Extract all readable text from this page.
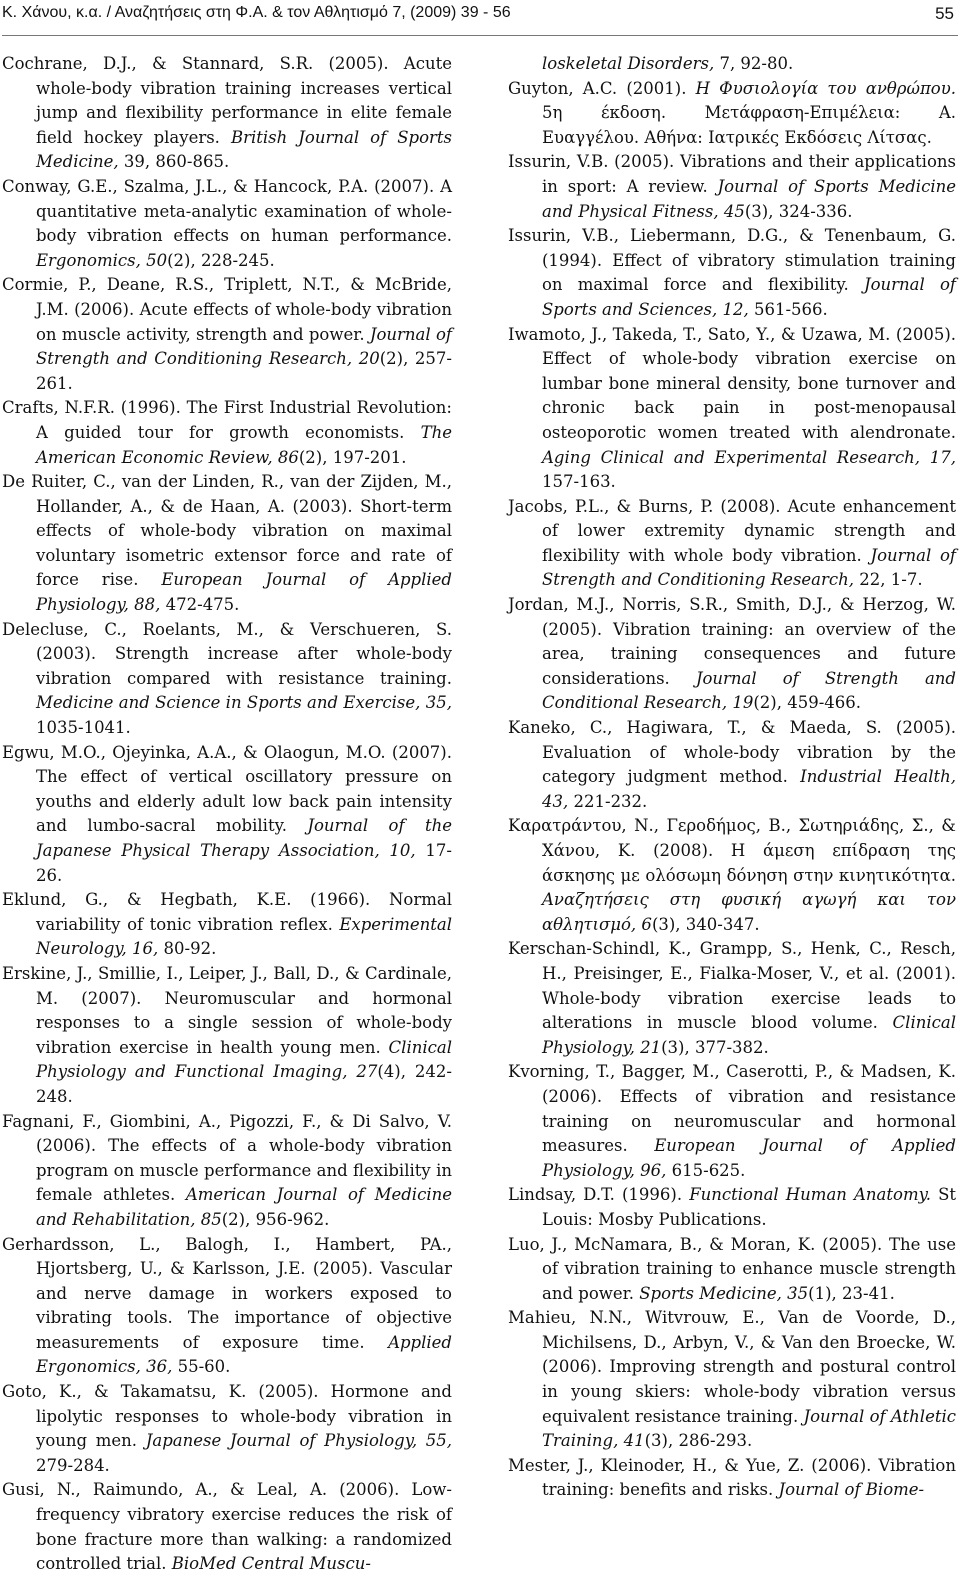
Κ. Χάνου, κ.α. / Αναζητήσεις στη Φ.Α. & τον Αθλητισμό 7, (2009) 39 - 56	55

Cochrane, D.J., & Stannard, S.R. (2005). Acute whole-body vibration training increases vertical jump and flexibility performance in elite female field hockey players. British Journal of Sports Medicine, 39, 860-865.

Conway, G.E., Szalma, J.L., & Hancock, P.A. (2007). A quantitative meta-analytic examination of whole-body vibration effects on human performance. Ergonomics, 50(2), 228-245.

Cormie, P., Deane, R.S., Triplett, N.T., & McBride, J.M. (2006). Acute effects of whole-body vibration on muscle activity, strength and power. Journal of Strength and Conditioning Research, 20(2), 257-261.

Crafts, N.F.R. (1996). The First Industrial Revolution: A guided tour for growth economists. The American Economic Review, 86(2), 197-201.

De Ruiter, C., van der Linden, R., van der Zijden, M., Hollander, A., & de Haan, A. (2003). Short-term effects of whole-body vibration on maximal voluntary isometric extensor force and rate of force rise. European Journal of Applied Physiology, 88, 472-475.

Delecluse, C., Roelants, M., & Verschueren, S. (2003). Strength increase after whole-body vibration compared with resistance training. Medicine and Science in Sports and Exercise, 35, 1035-1041.

Egwu, M.O., Ojeyinka, A.A., & Olaogun, M.O. (2007). The effect of vertical oscillatory pressure on youths and elderly adult low back pain intensity and lumbo-sacral mobility. Journal of the Japanese Physical Therapy Association, 10, 17-26.

Eklund, G., & Hegbath, K.E. (1966). Normal variability of tonic vibration reflex. Experimental Neurology, 16, 80-92.

Erskine, J., Smillie, I., Leiper, J., Ball, D., & Cardinale, M. (2007). Neuromuscular and hormonal responses to a single session of whole-body vibration exercise in health young men. Clinical Physiology and Functional Imaging, 27(4), 242-248.

Fagnani, F., Giombini, A., Pigozzi, F., & Di Salvo, V. (2006). The effects of a whole-body vibration program on muscle performance and flexibility in female athletes. American Journal of Medicine and Rehabilitation, 85(2), 956-962.

Gerhardsson, L., Balogh, I., Hambert, PA., Hjortsberg, U., & Karlsson, J.E. (2005). Vascular and nerve damage in workers exposed to vibrating tools. The importance of objective measurements of exposure time. Applied Ergonomics, 36, 55-60.

Goto, K., & Takamatsu, K. (2005). Hormone and lipolytic responses to whole-body vibration in young men. Japanese Journal of Physiology, 55, 279-284.

Gusi, N., Raimundo, A., & Leal, A. (2006). Low-frequency vibratory exercise reduces the risk of bone fracture more than walking: a randomized controlled trial. BioMed Central Muscu-

loskeletal Disorders, 7, 92-80.

Guyton, A.C. (2001). Η Φυσιολογία του ανθρώπου. 5η έκδοση. Μετάφραση-Επιμέλεια: Α. Ευαγγέλου. Αθήνα: Ιατρικές Εκδόσεις Λίτσας.

Issurin, V.B. (2005). Vibrations and their applications in sport: A review. Journal of Sports Medicine and Physical Fitness, 45(3), 324-336.

Issurin, V.B., Liebermann, D.G., & Tenenbaum, G. (1994). Effect of vibratory stimulation training on maximal force and flexibility. Journal of Sports and Sciences, 12, 561-566.

Iwamoto, J., Takeda, T., Sato, Y., & Uzawa, M. (2005). Effect of whole-body vibration exercise on lumbar bone mineral density, bone turnover and chronic back pain in post-menopausal osteoporotic women treated with alendronate. Aging Clinical and Experimental Research, 17, 157-163.

Jacobs, P.L., & Burns, P. (2008). Acute enhancement of lower extremity dynamic strength and flexibility with whole body vibration. Journal of Strength and Conditioning Research, 22, 1-7.

Jordan, M.J., Norris, S.R., Smith, D.J., & Herzog, W. (2005). Vibration training: an overview of the area, training consequences and future considerations. Journal of Strength and Conditional Research, 19(2), 459-466.

Kaneko, C., Hagiwara, T., & Maeda, S. (2005). Evaluation of whole-body vibration by the category judgment method. Industrial Health, 43, 221-232.

Καρατράντου, Ν., Γεροδήμος, Β., Σωτηριάδης, Σ., & Χάνου, Κ. (2008). Η άμεση επίδραση της άσκησης με ολόσωμη δόνηση στην κινητικότητα. Αναζητήσεις στη φυσική αγωγή και τον αθλητισμό, 6(3), 340-347.

Kerschan-Schindl, K., Grampp, S., Henk, C., Resch, H., Preisinger, E., Fialka-Moser, V., et al. (2001). Whole-body vibration exercise leads to alterations in muscle blood volume. Clinical Physiology, 21(3), 377-382.

Kvorning, T., Bagger, M., Caserotti, P., & Madsen, K. (2006). Effects of vibration and resistance training on neuromuscular and hormonal measures. European Journal of Applied Physiology, 96, 615-625.

Lindsay, D.T. (1996). Functional Human Anatomy. St Louis: Mosby Publications.

Luo, J., McNamara, B., & Moran, K. (2005). The use of vibration training to enhance muscle strength and power. Sports Medicine, 35(1), 23-41.

Mahieu, N.N., Witvrouw, E., Van de Voorde, D., Michilsens, D., Arbyn, V., & Van den Broecke, W. (2006). Improving strength and postural control in young skiers: whole-body vibration versus equivalent resistance training. Journal of Athletic Training, 41(3), 286-293.

Mester, J., Kleinoder, H., & Yue, Z. (2006). Vibration training: benefits and risks. Journal of Biome-
